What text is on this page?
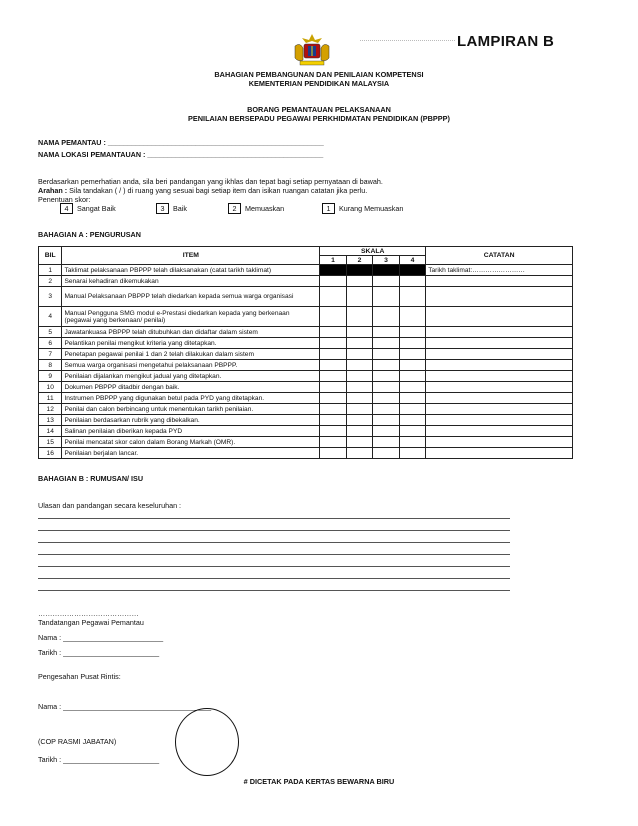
LAMPIRAN B
BAHAGIAN PEMBANGUNAN DAN PENILAIAN KOMPETENSI
KEMENTERIAN PENDIDIKAN MALAYSIA
BORANG PEMANTAUAN PELAKSANAAN
PENILAIAN BERSEPADU PEGAWAI PERKHIDMATAN PENDIDIKAN (PBPPP)
NAMA PEMANTAU : ______________________________________________________
NAMA LOKASI PEMANTAUAN : ____________________________________________
Berdasarkan pemerhatian anda, sila beri pandangan yang ikhlas dan tepat bagi setiap pernyataan di bawah.
Arahan : Sila tandakan ( / ) di ruang yang sesuai bagi setiap item dan isikan ruangan catatan jika perlu.
Penentuan skor:
4 Sangat Baik	3 Baik	2 Memuaskan	1 Kurang Memuaskan
BAHAGIAN A : PENGURUSAN
BIL	ITEM	SKALA				CATATAN
		1	2	3	4	
1	Taklimat pelaksanaan PBPPP telah dilaksanakan (catat tarikh taklimat)					Tarikh taklimat:……………………
2	Senarai kehadiran dikemukakan					
3	Manual Pelaksanaan PBPPP telah diedarkan kepada semua warga organisasi					
4	Manual Pengguna SMG modul e-Prestasi diedarkan kepada yang berkenaan (pegawai yang berkenaan/ penilai)					
5	Jawatankuasa PBPPP telah ditubuhkan dan didaftar dalam sistem					
6	Pelantikan penilai mengikut kriteria yang ditetapkan.					
7	Penetapan pegawai penilai 1 dan 2 telah dilakukan dalam sistem					
8	Semua warga organisasi mengetahui pelaksanaan PBPPP.					
9	Penilaian dijalankan mengikut jadual yang ditetapkan.					
10	Dokumen PBPPP ditadbir dengan baik.					
11	Instrumen PBPPP yang digunakan betul pada PYD yang ditetapkan.					
12	Penilai dan calon berbincang untuk menentukan tarikh penilaian.					
13	Penilaian berdasarkan rubrik yang dibekalkan.					
14	Salinan penilaian diberikan kepada PYD					
15	Penilai mencatat skor calon dalam Borang Markah (OMR).					
16	Penilaian berjalan lancar.					
BAHAGIAN B : RUMUSAN/ ISU
Ulasan dan pandangan secara keseluruhan :
……………………………………
Tandatangan Pegawai Pemantau
Nama : _________________________
Tarikh : ________________________
Pengesahan Pusat Rintis:
Nama : _____________________________________
(COP RASMI JABATAN)
Tarikh : ________________________
# DICETAK PADA KERTAS BEWARNA BIRU
